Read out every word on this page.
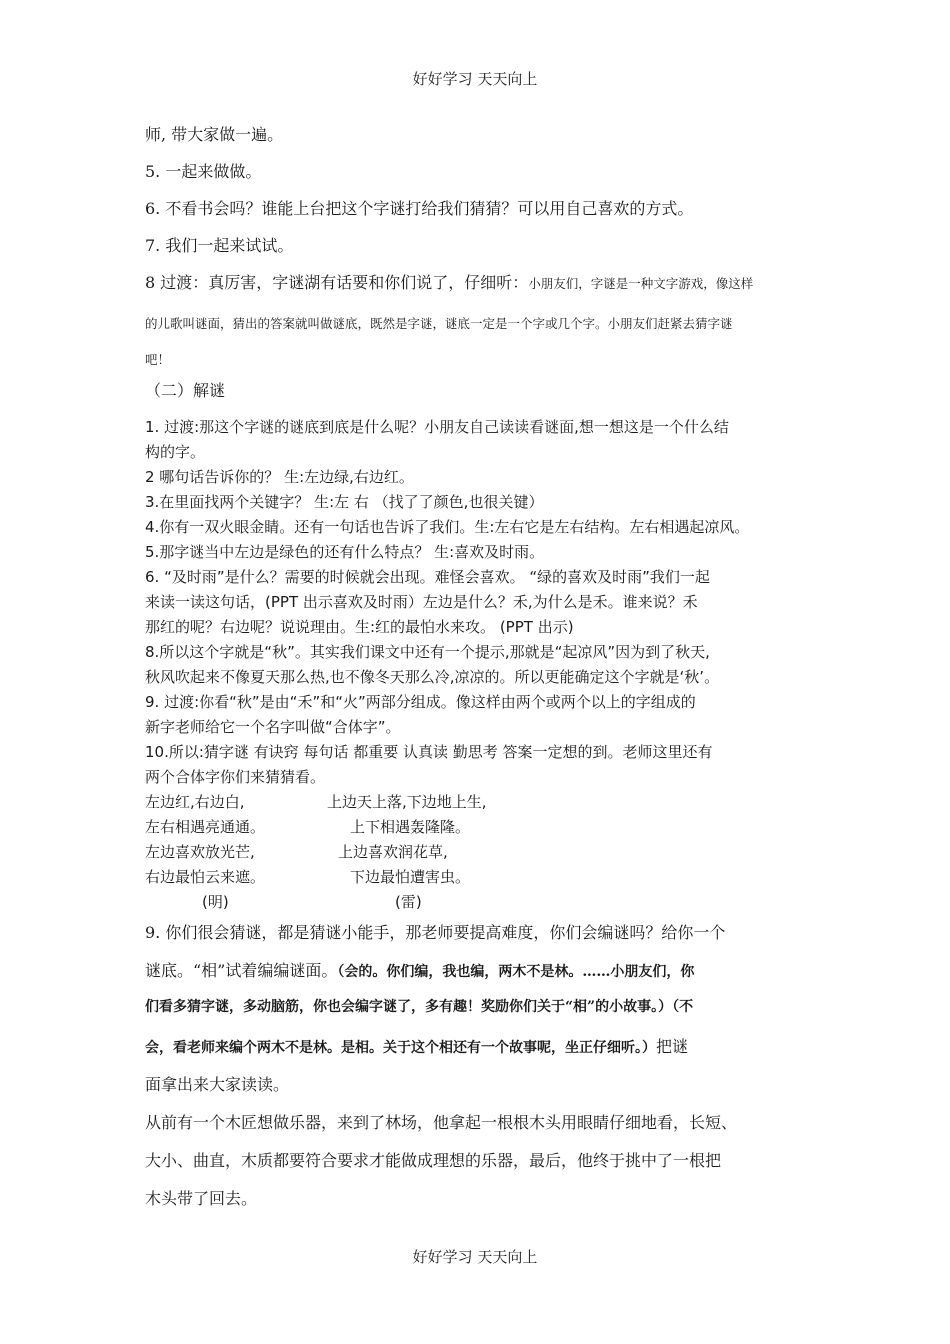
好好学习 天天向上
师, 带大家做一遍。
5. 一起来做做。
6. 不看书会吗？谁能上台把这个字谜打给我们猜猜？可以用自己喜欢的方式。
7. 我们一起来试试。
8 过渡：真厉害，字谜湖有话要和你们说了，仔细听：小朋友们，字谜是一种文字游戏，像这样
的儿歌叫谜面，猜出的答案就叫做谜底，既然是字谜，谜底一定是一个字或几个字。小朋友们赶紧去猜字谜
吧！
（二）解谜
1. 过渡:那这个字谜的谜底到底是什么呢？小朋友自己读读看谜面,想一想这是一个什么结
构的字。
2 哪句话告诉你的？ 生:左边绿,右边红。
3.在里面找两个关键字？ 生:左 右 （找了了颜色,也很关键）
4.你有一双火眼金睛。还有一句话也告诉了我们。生:左右它是左右结构。左右相遇起凉风。
5.那字谜当中左边是绿色的还有什么特点？ 生:喜欢及时雨。
6. “及时雨”是什么？需要的时候就会出现。难怪会喜欢。 “绿的喜欢及时雨”我们一起
来读一读这句话，(PPT 出示喜欢及时雨）左边是什么？禾,为什么是禾。谁来说？禾
那红的呢？右边呢？说说理由。生:红的最怕水来攻。 (PPT 出示)
8.所以这个字就是“秋”。其实我们课文中还有一个提示,那就是“起凉风”因为到了秋天,
秋风吹起来不像夏天那么热,也不像冬天那么冷,凉凉的。所以更能确定这个字就是‘秋’。
9. 过渡:你看“秋”是由“禾”和“火”两部分组成。像这样由两个或两个以上的字组成的
新字老师给它一个名字叫做“合体字”。
10.所以:猜字谜 有诀窍 每句话 都重要 认真读 勤思考 答案一定想的到。老师这里还有
两个合体字你们来猜猜看。
左边红,右边白,	上边天上落,下边地上生,
左右相遇亮通通。	上下相遇轰隆隆。
左边喜欢放光芒,	上边喜欢润花草,
右边最怕云来遮。	下边最怕遭害虫。
(明)	(雷)
9. 你们很会猜谜，都是猜谜小能手，那老师要提高难度，你们会编谜吗？给你一个
谜底。“相”试着编编谜面。（会的。你们编，我也编，两木不是林。……小朋友们，你
们看多猜字谜，多动脑筋，你也会编字谜了，多有趣！奖励你们关于“相”的小故事。）（不
会，看老师来编个两木不是林。是相。关于这个相还有一个故事呢，坐正仔细听。）把谜
面拿出来大家读读。
从前有一个木匠想做乐器，来到了林场，他拿起一根根木头用眼睛仔细地看，长短、
大小、曲直，木质都要符合要求才能做成理想的乐器，最后，他终于挑中了一根把
木头带了回去。
好好学习 天天向上
